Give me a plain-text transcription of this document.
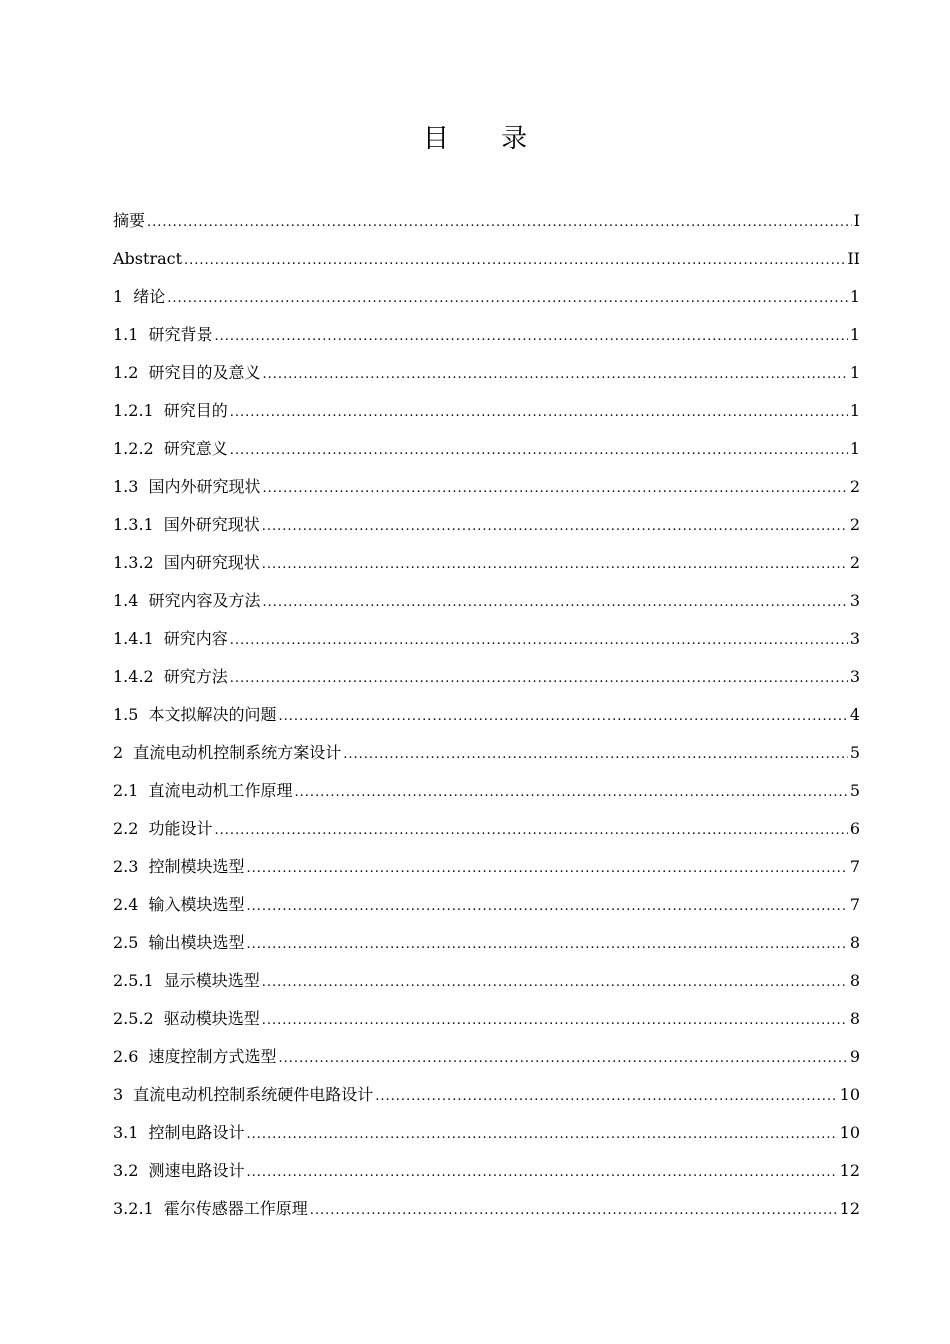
目 录
摘要 .....	I
Abstract .....	II
1 绪论 .....	1
1.1 研究背景 .....	1
1.2 研究目的及意义 .....	1
1.2.1 研究目的 .....	1
1.2.2 研究意义 .....	1
1.3 国内外研究现状 .....	2
1.3.1 国外研究现状 .....	2
1.3.2 国内研究现状 .....	2
1.4 研究内容及方法 .....	3
1.4.1 研究内容 .....	3
1.4.2 研究方法 .....	3
1.5 本文拟解决的问题 .....	4
2 直流电动机控制系统方案设计 .....	5
2.1 直流电动机工作原理 .....	5
2.2 功能设计 .....	6
2.3 控制模块选型 .....	7
2.4 输入模块选型 .....	7
2.5 输出模块选型 .....	8
2.5.1 显示模块选型 .....	8
2.5.2 驱动模块选型 .....	8
2.6 速度控制方式选型 .....	9
3 直流电动机控制系统硬件电路设计 .....	10
3.1 控制电路设计 .....	10
3.2 测速电路设计 .....	12
3.2.1 霍尔传感器工作原理 .....	12
